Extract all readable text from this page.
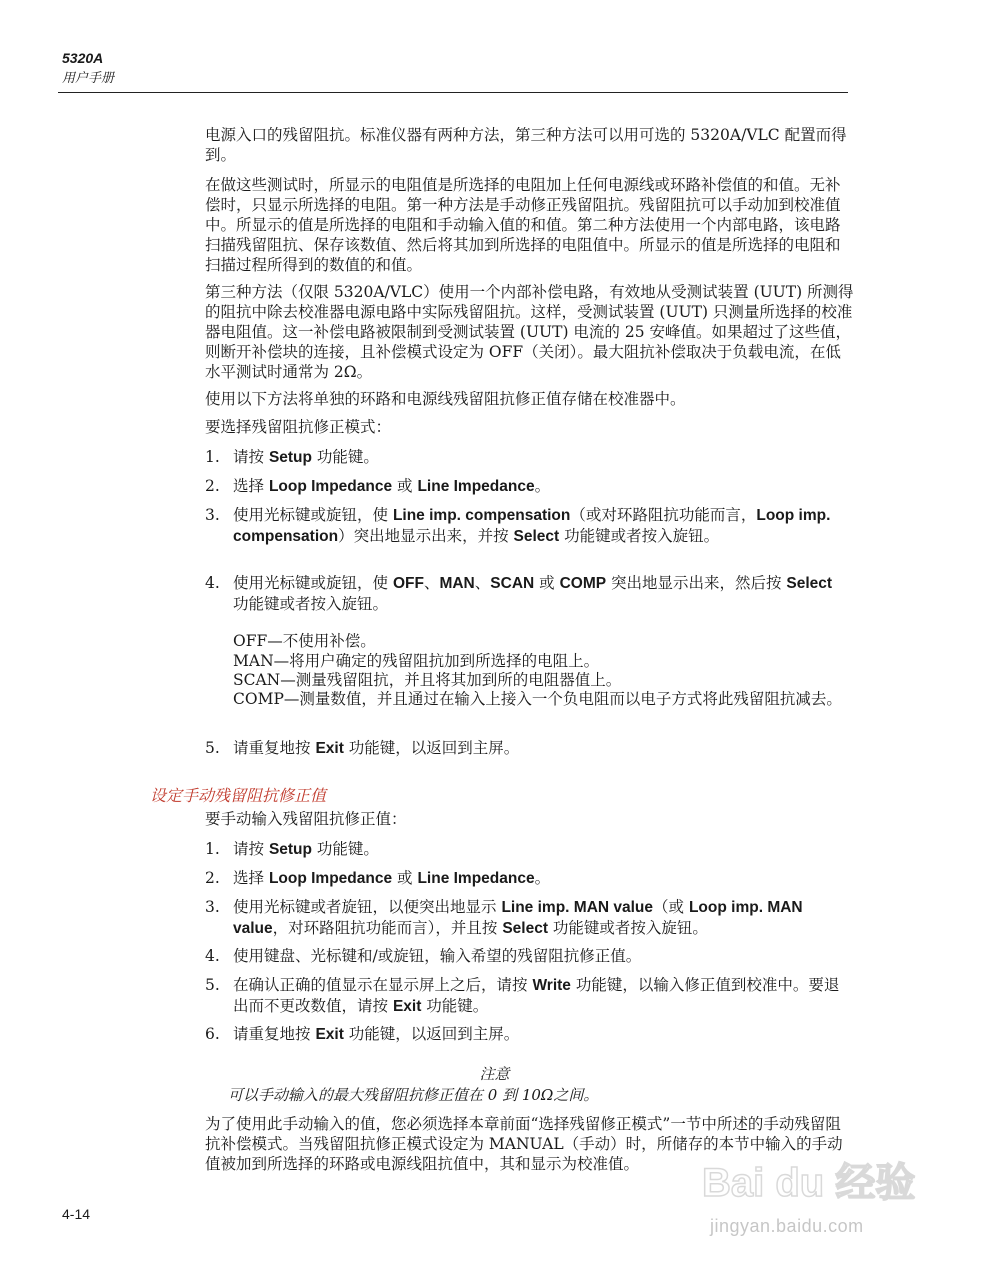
5320A
用户手册

电源入口的残留阻抗。标准仪器有两种方法，第三种方法可以用可选的 5320A/VLC 配置而得到。

在做这些测试时，所显示的电阻值是所选择的电阻加上任何电源线或环路补偿值的和值。无补偿时，只显示所选择的电阻。第一种方法是手动修正残留阻抗。残留阻抗可以手动加到校准值中。所显示的值是所选择的电阻和手动输入值的和值。第二种方法使用一个内部电路，该电路扫描残留阻抗、保存该数值、然后将其加到所选择的电阻值中。所显示的值是所选择的电阻和扫描过程所得到的数值的和值。

第三种方法（仅限 5320A/VLC）使用一个内部补偿电路，有效地从受测试装置 (UUT) 所测得的阻抗中除去校准器电源电路中实际残留阻抗。这样，受测试装置 (UUT) 只测量所选择的校准器电阻值。这一补偿电路被限制到受测试装置 (UUT) 电流的 25 安峰值。如果超过了这些值，则断开补偿块的连接，且补偿模式设定为 OFF（关闭）。最大阻抗补偿取决于负载电流，在低水平测试时通常为 2Ω。

使用以下方法将单独的环路和电源线残留阻抗修正值存储在校准器中。

要选择残留阻抗修正模式：

1. 请按 Setup 功能键。
2. 选择 Loop Impedance 或 Line Impedance。
3. 使用光标键或旋钮，使 Line imp. compensation（或对环路阻抗功能而言，Loop imp. compensation）突出地显示出来，并按 Select 功能键或者按入旋钮。
4. 使用光标键或旋钮，使 OFF、MAN、SCAN 或 COMP 突出地显示出来，然后按 Select 功能键或者按入旋钮。
OFF—不使用补偿。
MAN—将用户确定的残留阻抗加到所选择的电阻上。
SCAN—测量残留阻抗，并且将其加到所的电阻器值上。
COMP—测量数值，并且通过在输入上接入一个负电阻而以电子方式将此残留阻抗减去。
5. 请重复地按 Exit 功能键，以返回到主屏。
设定手动残留阻抗修正值

要手动输入残留阻抗修正值：

1. 请按 Setup 功能键。
2. 选择 Loop Impedance 或 Line Impedance。
3. 使用光标键或者旋钮，以便突出地显示 Line imp. MAN value（或 Loop imp. MAN value，对环路阻抗功能而言），并且按 Select 功能键或者按入旋钮。
4. 使用键盘、光标键和/或旋钮，输入希望的残留阻抗修正值。
5. 在确认正确的值显示在显示屏上之后，请按 Write 功能键，以输入修正值到校准中。要退出而不更改数值，请按 Exit 功能键。
6. 请重复地按 Exit 功能键，以返回到主屏。
注意
可以手动输入的最大残留阻抗修正值在 0 到 10Ω之间。

为了使用此手动输入的值，您必须选择本章前面“选择残留修正模式”一节中所述的手动残留阻抗补偿模式。当残留阻抗修正模式设定为 MANUAL（手动）时，所储存的本节中输入的手动值被加到所选择的环路或电源线阻抗值中，其和显示为校准值。

4-14
Bai du 经验
jingyan.baidu.com
